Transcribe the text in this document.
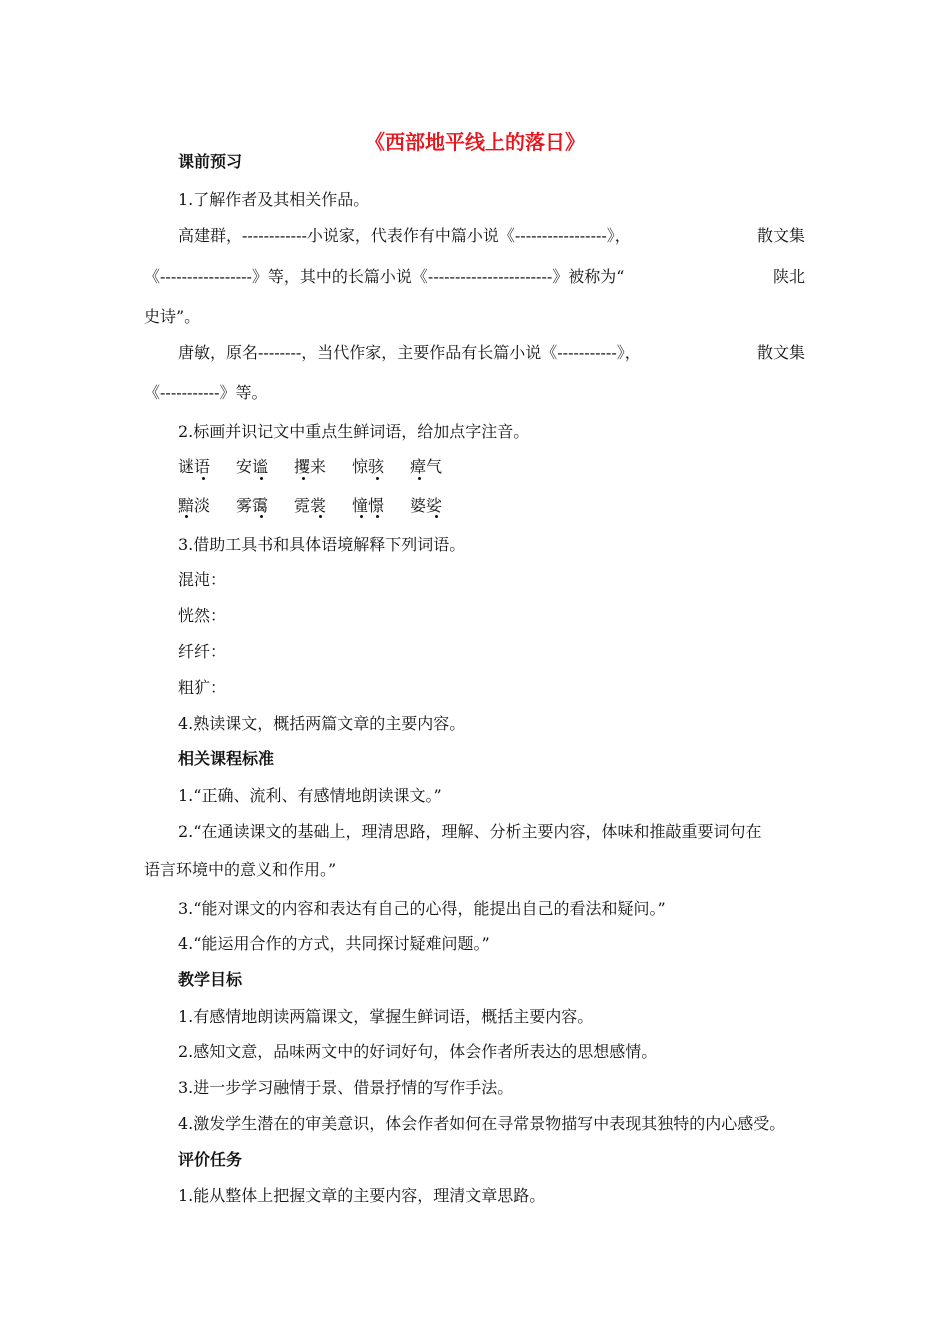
《西部地平线上的落日》
课前预习
1.了解作者及其相关作品。
高建群，------------小说家，代表作有中篇小说《-----------------》，	散文集
《-----------------》等，其中的长篇小说《-----------------------》被称为“	陕北
史诗”。
唐敏，原名--------，当代作家，主要作品有长篇小说《-----------》，	散文集
《-----------》等。
2.标画并识记文中重点生鲜词语，给加点字注音。
谜语	安谧	攫来	惊骇	瘴气
黯淡	雾霭	霓裳	憧憬	婆娑
3.借助工具书和具体语境解释下列词语。
混沌：
恍然：
纤纤：
粗犷：
4.熟读课文，概括两篇文章的主要内容。
相关课程标准
1.“正确、流利、有感情地朗读课文。”
2.“在通读课文的基础上，理清思路，理解、分析主要内容，体味和推敲重要词句在
语言环境中的意义和作用。”
3.“能对课文的内容和表达有自己的心得，能提出自己的看法和疑问。”
4.“能运用合作的方式，共同探讨疑难问题。”
教学目标
1.有感情地朗读两篇课文，掌握生鲜词语，概括主要内容。
2.感知文意，品味两文中的好词好句，体会作者所表达的思想感情。
3.进一步学习融情于景、借景抒情的写作手法。
4.激发学生潜在的审美意识，体会作者如何在寻常景物描写中表现其独特的内心感受。
评价任务
1.能从整体上把握文章的主要内容，理清文章思路。
